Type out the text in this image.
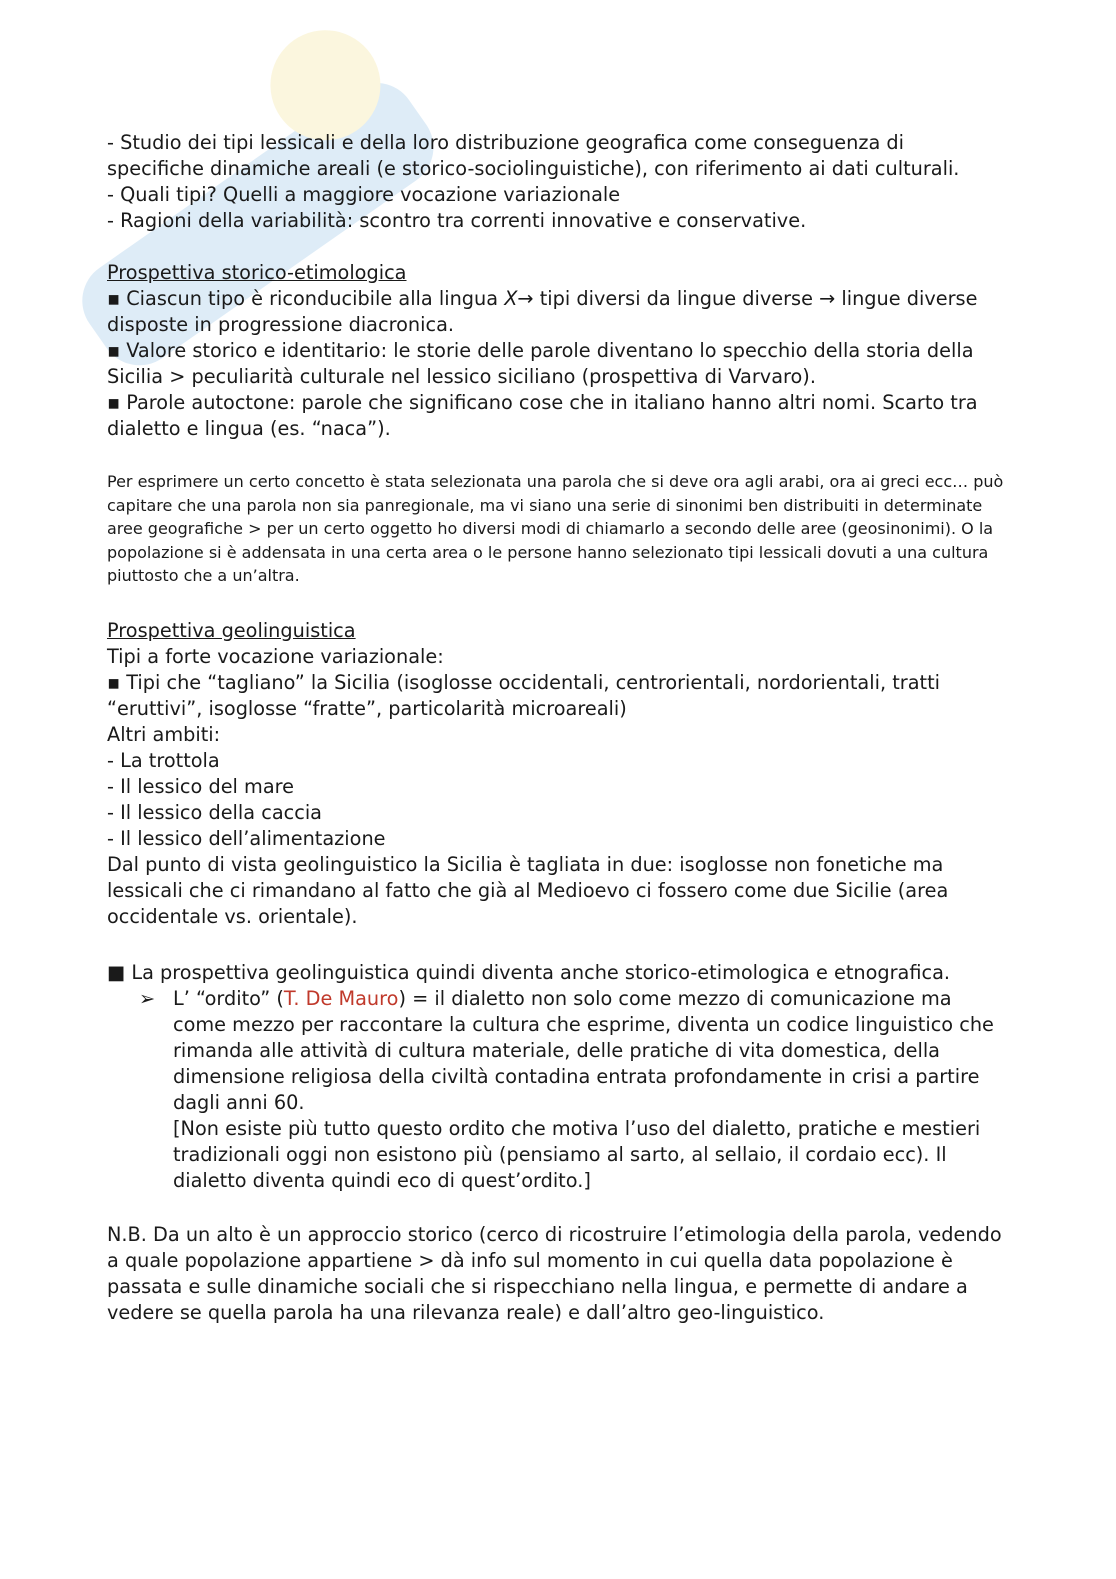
- Studio dei tipi lessicali e della loro distribuzione geografica come conseguenza di specifiche dinamiche areali (e storico-sociolinguistiche), con riferimento ai dati culturali.

- Quali tipi? Quelli a maggiore vocazione variazionale

- Ragioni della variabilità: scontro tra correnti innovative e conservative.

Prospettiva storico-etimologica

▪ Ciascun tipo è riconducibile alla lingua X→ tipi diversi da lingue diverse → lingue diverse disposte in progressione diacronica.

▪ Valore storico e identitario: le storie delle parole diventano lo specchio della storia della Sicilia > peculiarità culturale nel lessico siciliano (prospettiva di Varvaro).

▪ Parole autoctone: parole che significano cose che in italiano hanno altri nomi. Scarto tra dialetto e lingua (es. “naca”).

Per esprimere un certo concetto è stata selezionata una parola che si deve ora agli arabi, ora ai greci ecc… può capitare che una parola non sia panregionale, ma vi siano una serie di sinonimi ben distribuiti in determinate aree geografiche > per un certo oggetto ho diversi modi di chiamarlo a secondo delle aree (geosinonimi). O la popolazione si è addensata in una certa area o le persone hanno selezionato tipi lessicali dovuti a una cultura piuttosto che a un’altra.

Prospettiva geolinguistica

Tipi a forte vocazione variazionale:

▪ Tipi che “tagliano” la Sicilia (isoglosse occidentali, centrorientali, nordorientali, tratti “eruttivi”, isoglosse “fratte”, particolarità microareali)

Altri ambiti:

- La trottola

- Il lessico del mare

- Il lessico della caccia

- Il lessico dell’alimentazione

Dal punto di vista geolinguistico la Sicilia è tagliata in due: isoglosse non fonetiche ma lessicali che ci rimandano al fatto che già al Medioevo ci fossero come due Sicilie (area occidentale vs. orientale).

■ La prospettiva geolinguistica quindi diventa anche storico-etimologica e etnografica.

➢ L’ “ordito” (T. De Mauro) = il dialetto non solo come mezzo di comunicazione ma come mezzo per raccontare la cultura che esprime, diventa un codice linguistico che rimanda alle attività di cultura materiale, delle pratiche di vita domestica, della dimensione religiosa della civiltà contadina entrata profondamente in crisi a partire dagli anni 60.

[Non esiste più tutto questo ordito che motiva l’uso del dialetto, pratiche e mestieri tradizionali oggi non esistono più (pensiamo al sarto, al sellaio, il cordaio ecc). Il dialetto diventa quindi eco di quest’ordito.]

N.B. Da un alto è un approccio storico (cerco di ricostruire l’etimologia della parola, vedendo a quale popolazione appartiene > dà info sul momento in cui quella data popolazione è passata e sulle dinamiche sociali che si rispecchiano nella lingua, e permette di andare a vedere se quella parola ha una rilevanza reale) e dall’altro geo-linguistico.
